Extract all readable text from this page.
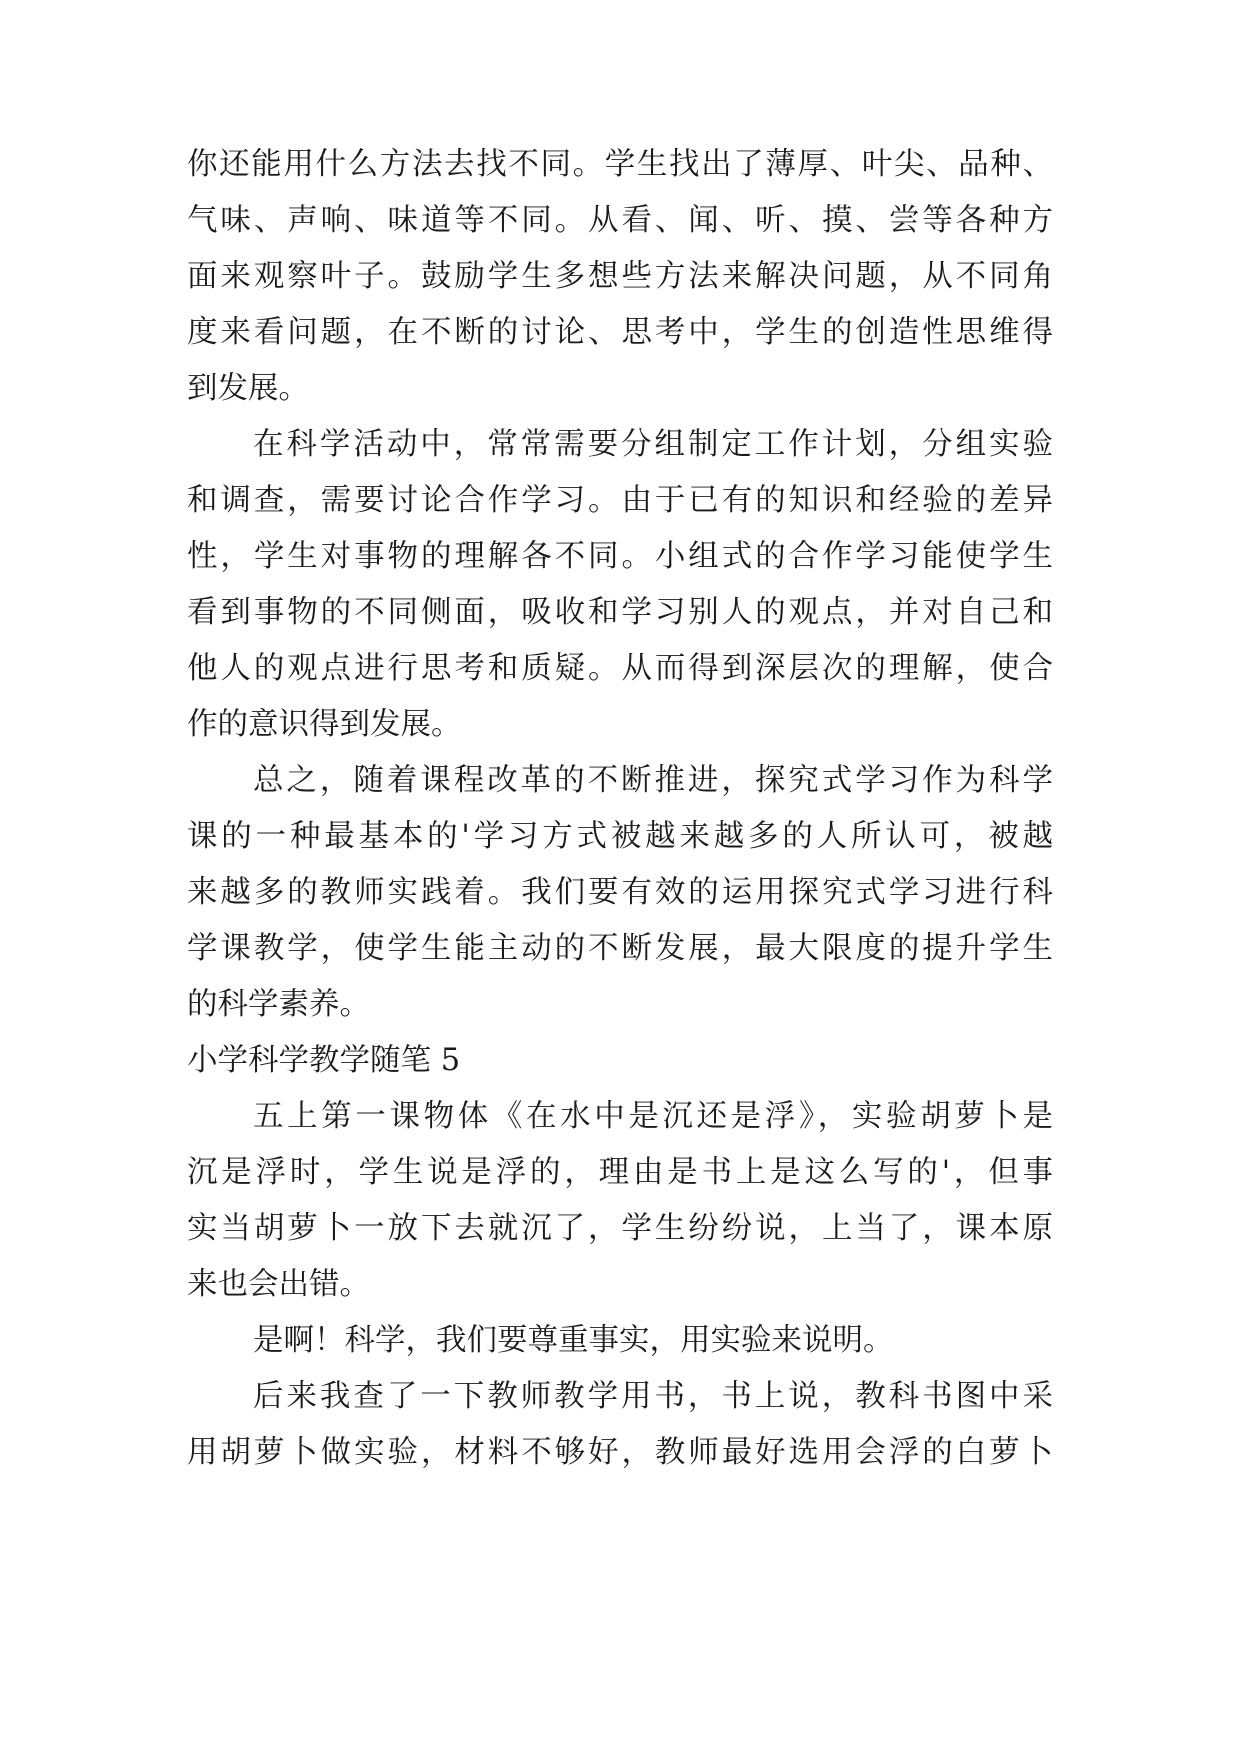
你还能用什么方法去找不同。学生找出了薄厚、叶尖、品种、
气味、声响、味道等不同。从看、闻、听、摸、尝等各种方
面来观察叶子。鼓励学生多想些方法来解决问题，从不同角
度来看问题，在不断的讨论、思考中，学生的创造性思维得
到发展。
在科学活动中，常常需要分组制定工作计划，分组实验
和调查，需要讨论合作学习。由于已有的知识和经验的差异
性，学生对事物的理解各不同。小组式的合作学习能使学生
看到事物的不同侧面，吸收和学习别人的观点，并对自己和
他人的观点进行思考和质疑。从而得到深层次的理解，使合
作的意识得到发展。
总之，随着课程改革的不断推进，探究式学习作为科学
课的一种最基本的'学习方式被越来越多的人所认可，被越
来越多的教师实践着。我们要有效的运用探究式学习进行科
学课教学，使学生能主动的不断发展，最大限度的提升学生
的科学素养。
小学科学教学随笔 5
五上第一课物体《在水中是沉还是浮》，实验胡萝卜是
沉是浮时，学生说是浮的，理由是书上是这么写的'，但事
实当胡萝卜一放下去就沉了，学生纷纷说，上当了，课本原
来也会出错。
是啊！科学，我们要尊重事实，用实验来说明。
后来我查了一下教师教学用书，书上说，教科书图中采
用胡萝卜做实验，材料不够好，教师最好选用会浮的白萝卜
